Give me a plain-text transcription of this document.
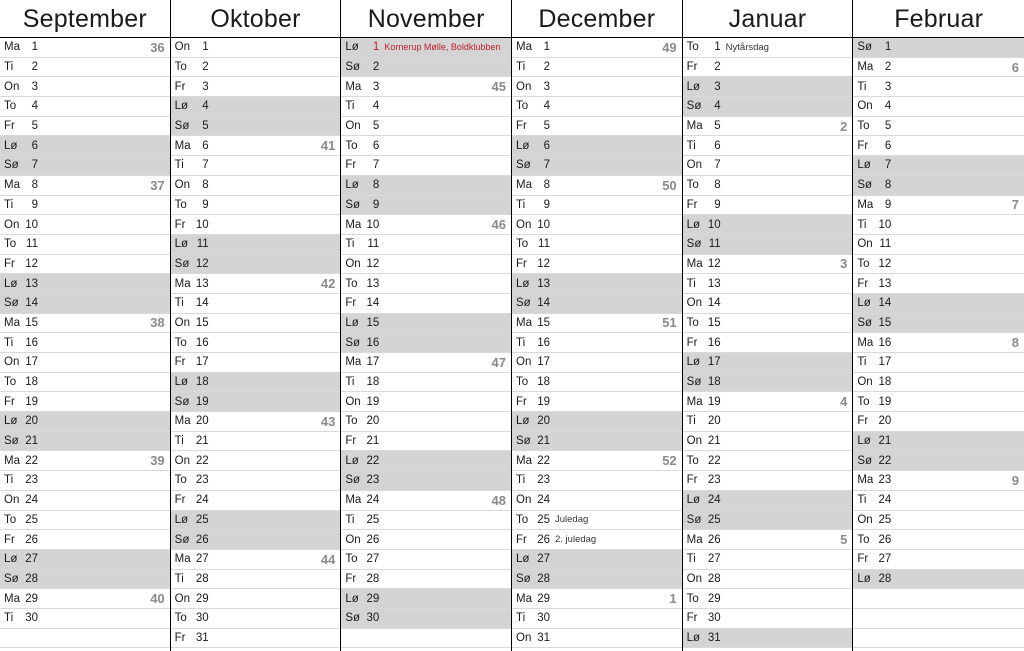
September
Ma	1	36
Ti	2
On	3
To	4
Fr	5
Lø	6
Sø	7
Ma	8	37
Ti	9
On 10
To 11
Fr 12
Lø 13
Sø 14
Ma 15	38
Ti	16
On 17
To 18
Fr 19
Lø 20
Sø 21
Ma 22	39
Ti	23
On 24
To 25
Fr 26
Lø 27
Sø 28
Ma 29	40
Ti	30
Oktober
On	1
To	2
Fr	3
Lø	4
Sø	5
Ma	6	41
Ti	7
On	8
To	9
Fr 10
Lø 11
Sø 12
Ma 13	42
Ti	14
On 15
To 16
Fr 17
Lø 18
Sø 19
Ma 20	43
Ti	21
On 22
To 23
Fr 24
Lø 25
Sø 26
Ma 27	44
Ti	28
On 29
To 30
Fr 31
November
Lø	1 Kornerup Mølle, Boldklubben
Sø	2
Ma	3	45
Ti	4
On	5
To	6
Fr	7
Lø	8
Sø	9
Ma 10	46
Ti	11
On 12
To 13
Fr 14
Lø 15
Sø 16
Ma 17	47
Ti	18
On 19
To 20
Fr 21
Lø 22
Sø 23
Ma 24	48
Ti	25
On 26
To 27
Fr 28
Lø 29
Sø 30
December
Ma	1	49
Ti	2
On	3
To	4
Fr	5
Lø	6
Sø	7
Ma	8	50
Ti	9
On 10
To 11
Fr 12
Lø 13
Sø 14
Ma 15	51
Ti	16
On 17
To 18
Fr 19
Lø 20
Sø 21
Ma 22	52
Ti	23
On 24
To 25 Juledag
Fr 26 2. juledag
Lø 27
Sø 28
Ma 29	1
Ti	30
On 31
Januar
To	1 Nytårsdag
Fr	2
Lø	3
Sø	4
Ma	5	2
Ti	6
On	7
To	8
Fr	9
Lø 10
Sø 11
Ma 12	3
Ti	13
On 14
To 15
Fr 16
Lø 17
Sø 18
Ma 19	4
Ti	20
On 21
To 22
Fr 23
Lø 24
Sø 25
Ma 26	5
Ti	27
On 28
To 29
Fr 30
Lø 31
Februar
Sø	1
Ma	2	6
Ti	3
On	4
To	5
Fr	6
Lø	7
Sø	8
Ma	9	7
Ti	10
On 11
To 12
Fr 13
Lø 14
Sø 15
Ma 16	8
Ti	17
On 18
To 19
Fr 20
Lø 21
Sø 22
Ma 23	9
Ti	24
On 25
To 26
Fr 27
Lø 28
